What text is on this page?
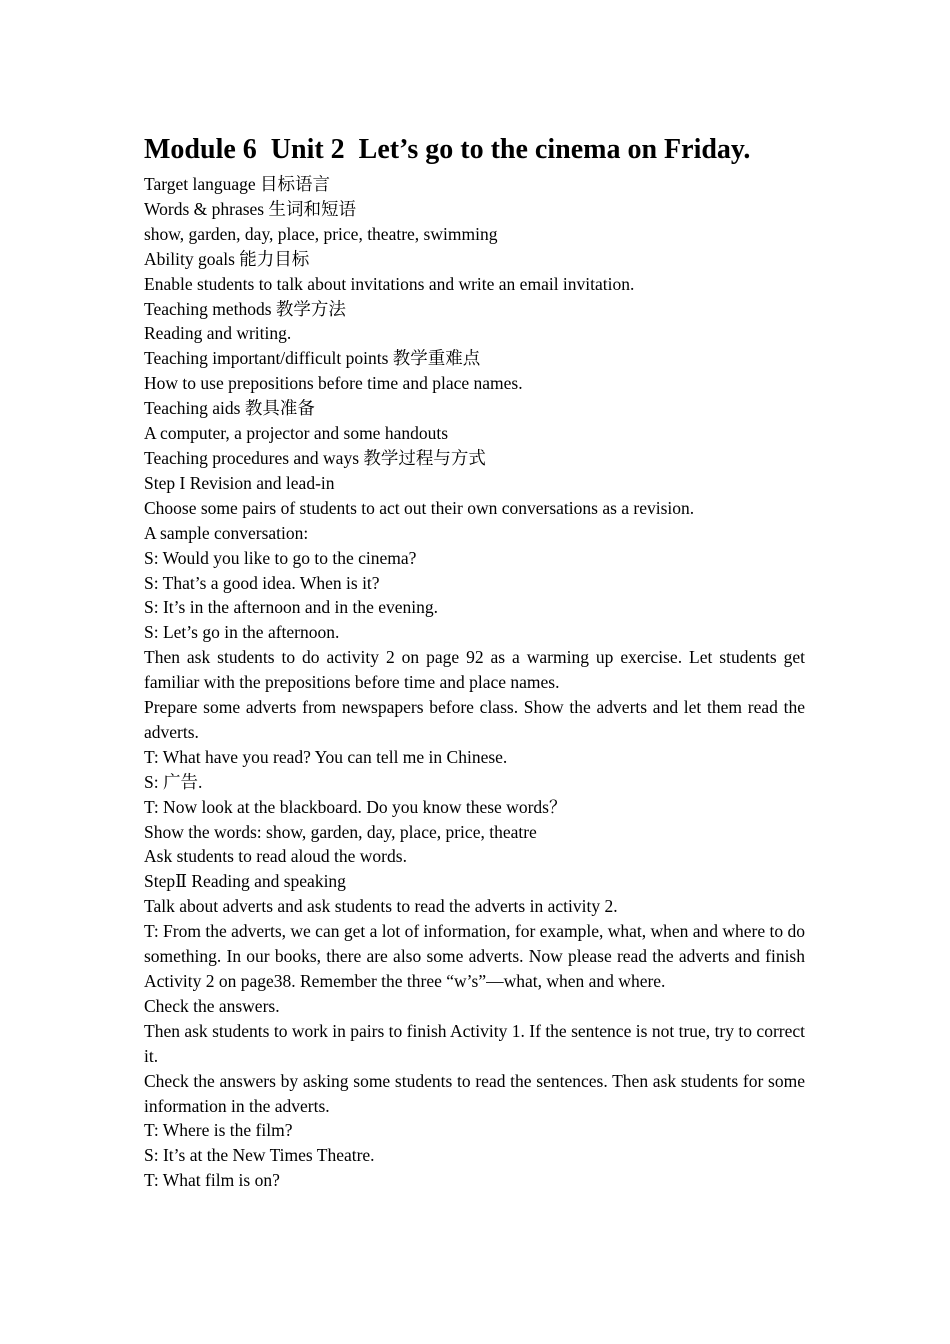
Module 6  Unit 2  Let’s go to the cinema on Friday.

Target language 目标语言

Words & phrases 生词和短语

show, garden, day, place, price, theatre, swimming

Ability goals 能力目标

Enable students to talk about invitations and write an email invitation.

Teaching methods 教学方法

Reading and writing.

Teaching important/difficult points 教学重难点

How to use prepositions before time and place names.

Teaching aids 教具准备

A computer, a projector and some handouts

Teaching procedures and ways 教学过程与方式

Step I Revision and lead-in

Choose some pairs of students to act out their own conversations as a revision.

A sample conversation:

S: Would you like to go to the cinema?

S: That’s a good idea. When is it?

S: It’s in the afternoon and in the evening.

S: Let’s go in the afternoon.

Then ask students to do activity 2 on page 92 as a warming up exercise. Let students get familiar with the prepositions before time and place names.

Prepare some adverts from newspapers before class. Show the adverts and let them read the adverts.

T: What have you read? You can tell me in Chinese.

S: 广告.

T: Now look at the blackboard. Do you know these words？

Show the words: show, garden, day, place, price, theatre

Ask students to read aloud the words.

StepⅡ Reading and speaking

Talk about adverts and ask students to read the adverts in activity 2.

T: From the adverts, we can get a lot of information, for example, what, when and where to do something. In our books, there are also some adverts. Now please read the adverts and finish Activity 2 on page38. Remember the three “w’s”—what, when and where.

Check the answers.

Then ask students to work in pairs to finish Activity 1. If the sentence is not true, try to correct it.

Check the answers by asking some students to read the sentences. Then ask students for some information in the adverts.

T: Where is the film?

S: It’s at the New Times Theatre.

T: What film is on?
